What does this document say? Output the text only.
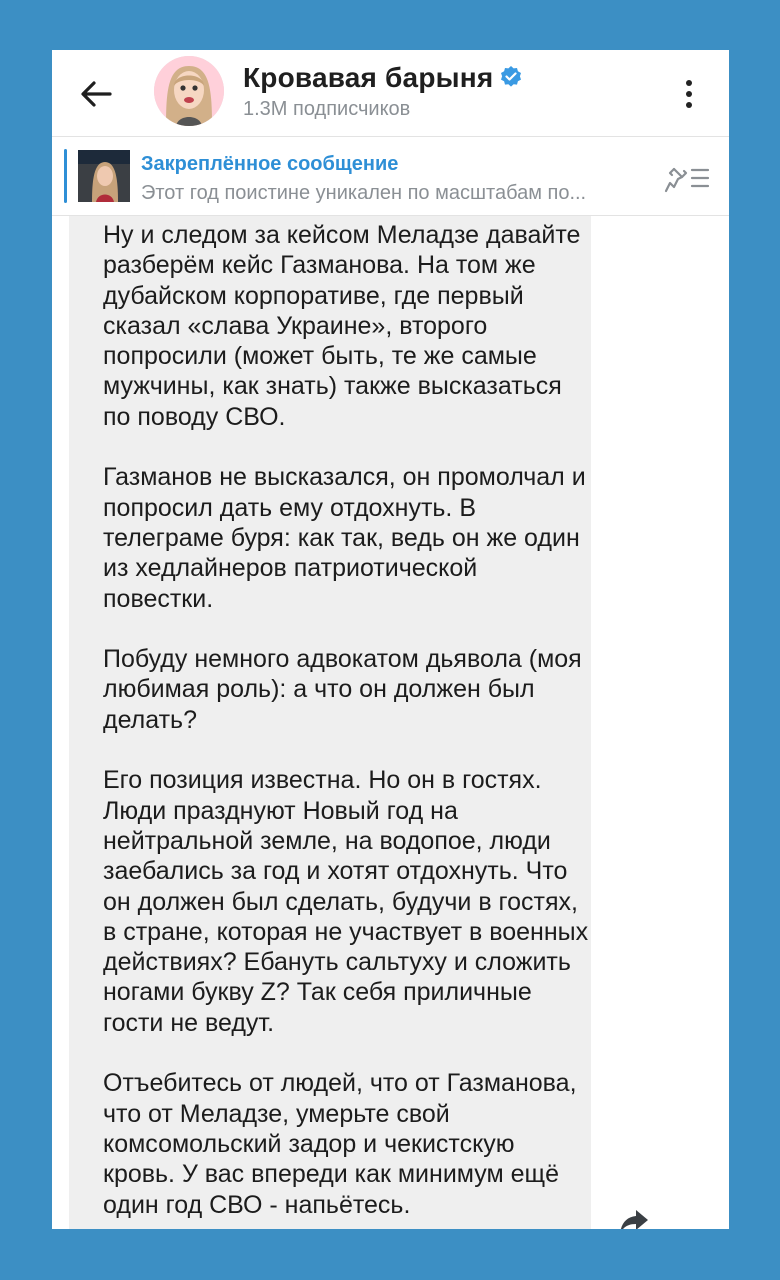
Кровавая барыня
1.3M подписчиков
Закреплённое сообщение
Этот год поистине уникален по масштабам по...

Ну и следом за кейсом Меладзе давайте разберём кейс Газманова. На том же дубайском корпоративе, где первый сказал «слава Украине», второго попросили (может быть, те же самые мужчины, как знать) также высказаться по поводу СВО.

Газманов не высказался, он промолчал и попросил дать ему отдохнуть. В телеграме буря: как так, ведь он же один из хедлайнеров патриотической повестки.

Побуду немного адвокатом дьявола (моя любимая роль): а что он должен был делать?

Его позиция известна. Но он в гостях. Люди празднуют Новый год на нейтральной земле, на водопое, люди заебались за год и хотят отдохнуть. Что он должен был сделать, будучи в гостях, в стране, которая не участвует в военных действиях? Ебануть сальтуху и сложить ногами букву Z? Так себя приличные гости не ведут.

Отъебитесь от людей, что от Газманова, что от Меладзе, умерьте свой комсомольский задор и чекистскую кровь. У вас впереди как минимум ещё один год СВО - напьётесь.
